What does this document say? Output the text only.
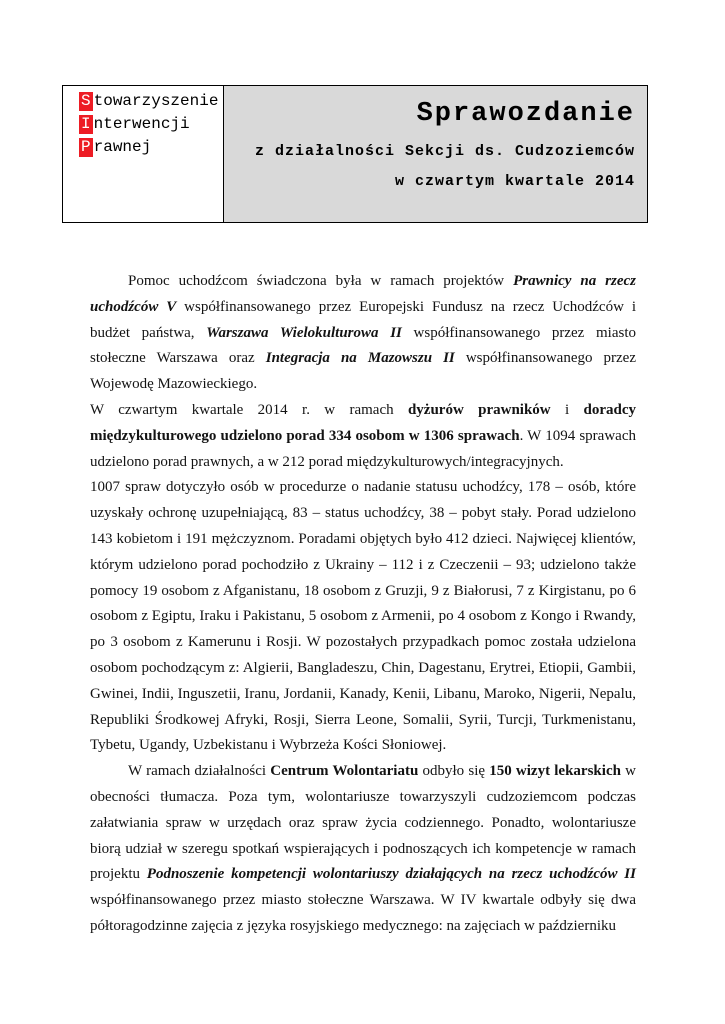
S towarzyszenie
I nterwencji
P rawnej
Sprawozdanie
z działalności Sekcji ds. Cudzoziemców
w czwartym kwartale 2014

Pomoc uchodźcom świadczona była w ramach projektów Prawnicy na rzecz uchodźców V współfinansowanego przez Europejski Fundusz na rzecz Uchodźców i budżet państwa, Warszawa Wielokulturowa II współfinansowanego przez miasto stołeczne Warszawa oraz Integracja na Mazowszu II współfinansowanego przez Wojewodę Mazowieckiego.

W czwartym kwartale 2014 r. w ramach dyżurów prawników i doradcy międzykulturowego udzielono porad 334 osobom w 1306 sprawach. W 1094 sprawach udzielono porad prawnych, a w 212 porad międzykulturowych/integracyjnych.

1007 spraw dotyczyło osób w procedurze o nadanie statusu uchodźcy, 178 – osób, które uzyskały ochronę uzupełniającą, 83 – status uchodźcy, 38 – pobyt stały. Porad udzielono 143 kobietom i 191 mężczyznom. Poradami objętych było 412 dzieci. Najwięcej klientów, którym udzielono porad pochodziło z Ukrainy – 112 i z Czeczenii – 93; udzielono także pomocy 19 osobom z Afganistanu, 18 osobom z Gruzji, 9 z Białorusi, 7 z Kirgistanu, po 6 osobom z Egiptu, Iraku i Pakistanu, 5 osobom z Armenii, po 4 osobom z Kongo i Rwandy, po 3 osobom z Kamerunu i Rosji. W pozostałych przypadkach pomoc została udzielona osobom pochodzącym z: Algierii, Bangladeszu, Chin, Dagestanu, Erytrei, Etiopii, Gambii, Gwinei, Indii, Inguszetii, Iranu, Jordanii, Kanady, Kenii, Libanu, Maroko, Nigerii, Nepalu, Republiki Środkowej Afryki, Rosji, Sierra Leone, Somalii, Syrii, Turcji, Turkmenistanu, Tybetu, Ugandy, Uzbekistanu i Wybrzeża Kości Słoniowej.

W ramach działalności Centrum Wolontariatu odbyło się 150 wizyt lekarskich w obecności tłumacza. Poza tym, wolontariusze towarzyszyli cudzoziemcom podczas załatwiania spraw w urzędach oraz spraw życia codziennego. Ponadto, wolontariusze biorą udział w szeregu spotkań wspierających i podnoszących ich kompetencje w ramach projektu Podnoszenie kompetencji wolontariuszy działających na rzecz uchodźców II współfinansowanego przez miasto stołeczne Warszawa. W IV kwartale odbyły się dwa półtoragodzinne zajęcia z języka rosyjskiego medycznego: na zajęciach w październiku
